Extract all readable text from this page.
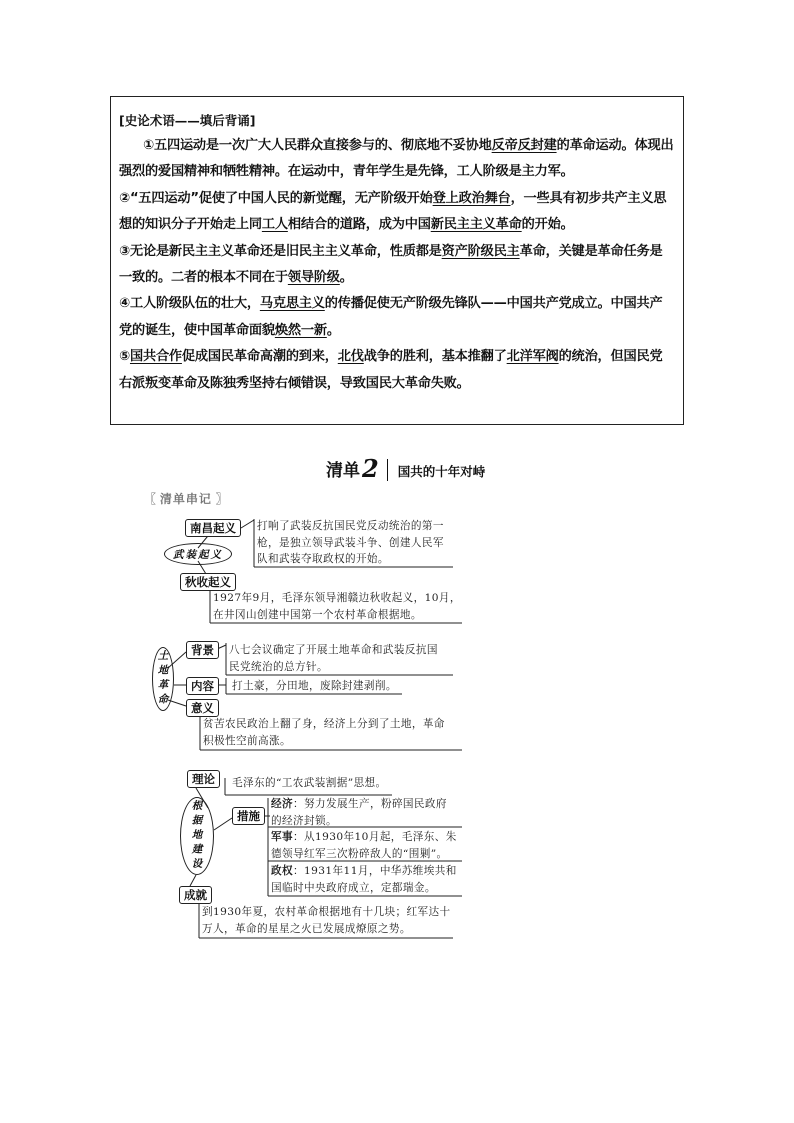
[史论术语——填后背诵]

①五四运动是一次广大人民群众直接参与的、彻底地不妥协地反帝反封建的革命运动。体现出强烈的爱国精神和牺牲精神。在运动中，青年学生是先锋，工人阶级是主力军。

②“五四运动”促使了中国人民的新觉醒，无产阶级开始登上政治舞台，一些具有初步共产主义思想的知识分子开始走上同工人相结合的道路，成为中国新民主主义革命的开始。

③无论是新民主主义革命还是旧民主主义革命，性质都是资产阶级民主革命，关键是革命任务是一致的。二者的根本不同在于领导阶级。

④工人阶级队伍的壮大，马克思主义的传播促使无产阶级先锋队——中国共产党成立。中国共产党的诞生，使中国革命面貌焕然一新。

⑤国共合作促成国民革命高潮的到来，北伐战争的胜利，基本推翻了北洋军阀的统治，但国民党右派叛变革命及陈独秀坚持右倾错误，导致国民大革命失败。

清单 2 国共的十年对峙
〖 清单串记 〗
武装起义
南昌起义	打响了武装反抗国民党反动统治的第一
枪，是独立领导武装斗争、创建人民军
队和武装夺取政权的开始。
秋收起义
1927年9月，毛泽东领导湘赣边秋收起义，10月，
在井冈山创建中国第一个农村革命根据地。
土地革命	背景	八七会议确定了开展土地革命和武装反抗国
民党统治的总方针。
内容	打土豪，分田地，废除封建剥削。
意义
贫苦农民政治上翻了身，经济上分到了土地，革命
积极性空前高涨。
根据地建设
理论	毛泽东的“工农武装割据”思想。
措施
经济：努力发展生产，粉碎国民政府
的经济封锁。
军事：从1930年10月起，毛泽东、朱
德领导红军三次粉碎敌人的“围剿”。
政权：1931年11月，中华苏维埃共和
国临时中央政府成立，定都瑞金。
成就
到1930年夏，农村革命根据地有十几块；红军达十
万人，革命的星星之火已发展成燎原之势。
